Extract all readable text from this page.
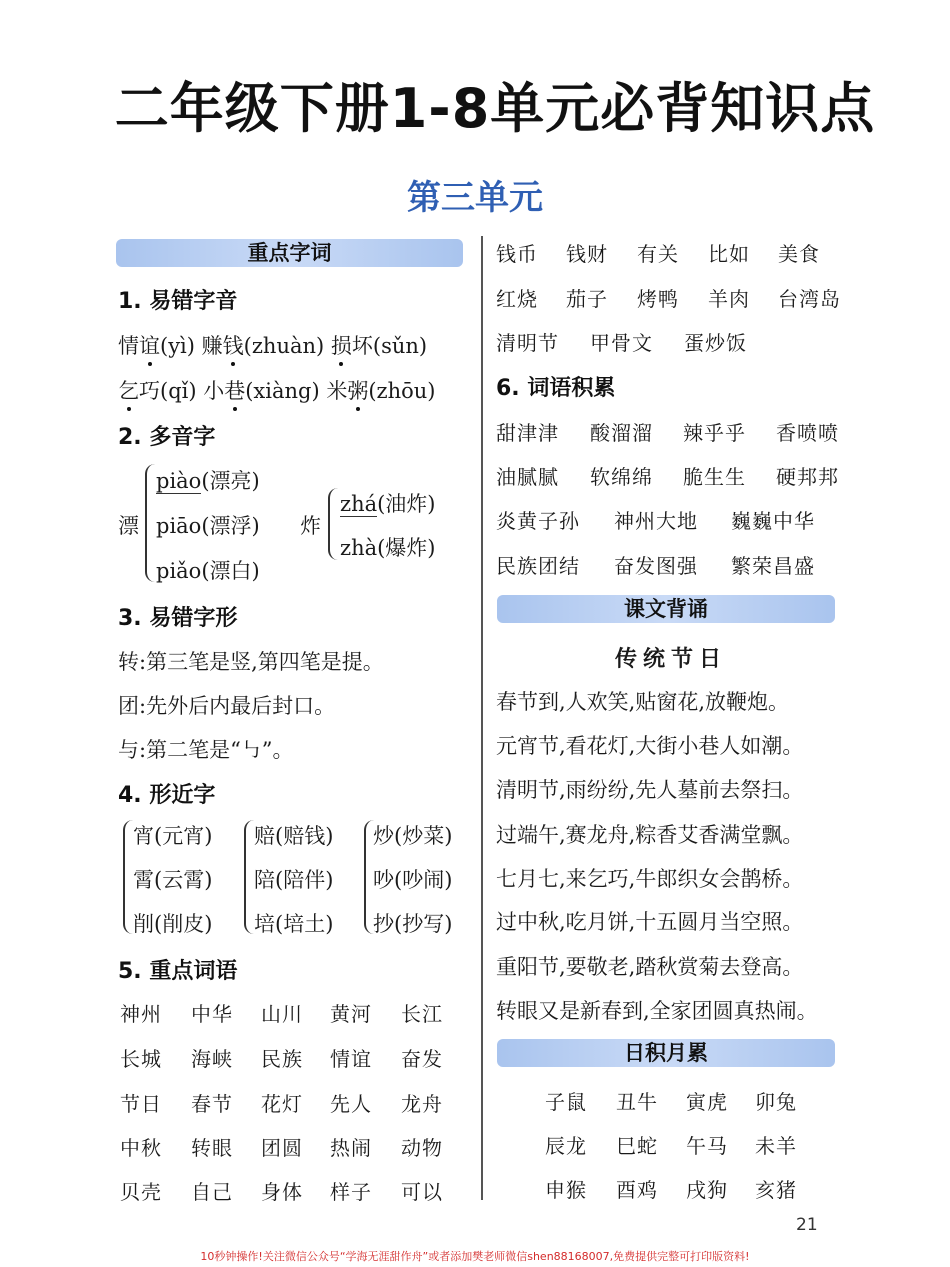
二年级下册1-8单元必背知识点
第三单元
重点字词
1. 易错字音
情谊(yì) 赚钱(zhuàn) 损坏(sǔn)
乞巧(qǐ) 小巷(xiàng) 米粥(zhōu)
2. 多音字
漂
piào(漂亮)
piāo(漂浮)
piǎo(漂白)
炸
zhá(油炸)
zhà(爆炸)
3. 易错字形
转:第三笔是竖,第四笔是提。
团:先外后内最后封口。
与:第二笔是“㇉”。
4. 形近字
宵(元宵)
霄(云霄)
削(削皮)
赔(赔钱)
陪(陪伴)
培(培土)
炒(炒菜)
吵(吵闹)
抄(抄写)
5. 重点词语
神州 中华 山川 黄河 长江
长城 海峡 民族 情谊 奋发
节日 春节 花灯 先人 龙舟
中秋 转眼 团圆 热闹 动物
贝壳 自己 身体 样子 可以
钱币 钱财 有关 比如 美食
红烧 茄子 烤鸭 羊肉 台湾岛
清明节 甲骨文 蛋炒饭
6. 词语积累
甜津津 酸溜溜 辣乎乎 香喷喷
油腻腻 软绵绵 脆生生 硬邦邦
炎黄子孙 神州大地 巍巍中华
民族团结 奋发图强 繁荣昌盛
课文背诵
传统节日
春节到,人欢笑,贴窗花,放鞭炮。
元宵节,看花灯,大街小巷人如潮。
清明节,雨纷纷,先人墓前去祭扫。
过端午,赛龙舟,粽香艾香满堂飘。
七月七,来乞巧,牛郎织女会鹊桥。
过中秋,吃月饼,十五圆月当空照。
重阳节,要敬老,踏秋赏菊去登高。
转眼又是新春到,全家团圆真热闹。
日积月累
子鼠 丑牛 寅虎 卯兔
辰龙 巳蛇 午马 未羊
申猴 酉鸡 戌狗 亥猪
21
10秒钟操作!关注微信公众号“学海无涯甜作舟”或者添加樊老师微信shen88168007,免费提供完整可打印版资料!
